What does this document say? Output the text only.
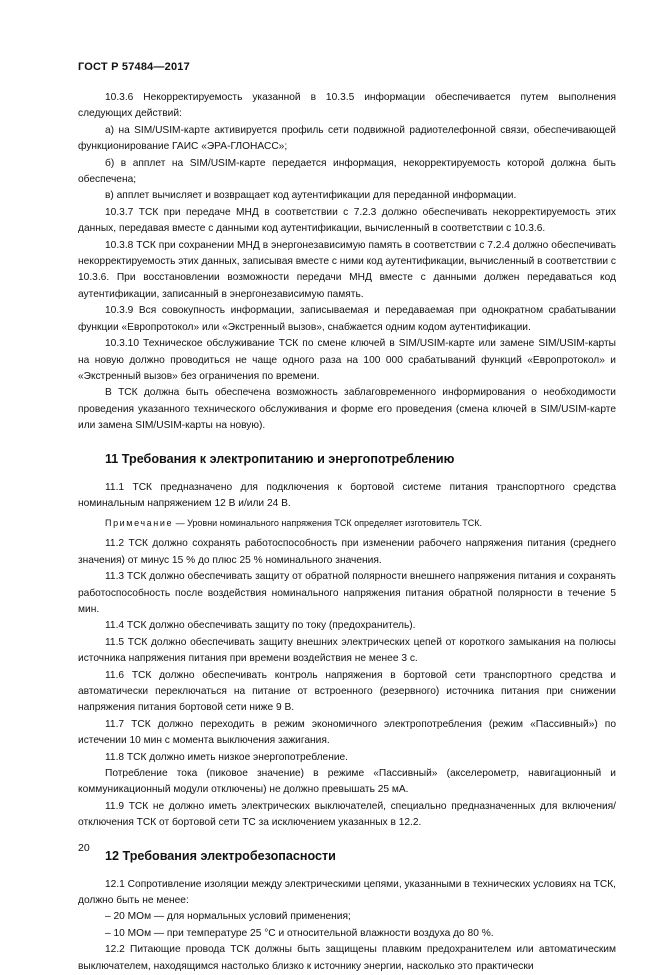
ГОСТ Р 57484—2017

10.3.6 Некорректируемость указанной в 10.3.5 информации обеспечивается путем выполнения следующих действий:

а) на SIM/USIM-карте активируется профиль сети подвижной радиотелефонной связи, обеспечивающей функционирование ГАИС «ЭРА-ГЛОНАСС»;

б) в апплет на SIM/USIM-карте передается информация, некорректируемость которой должна быть обеспечена;

в) апплет вычисляет и возвращает код аутентификации для переданной информации.

10.3.7 ТСК при передаче МНД в соответствии с 7.2.3 должно обеспечивать некорректируемость этих данных, передавая вместе с данными код аутентификации, вычисленный в соответствии с 10.3.6.

10.3.8 ТСК при сохранении МНД в энергонезависимую память в соответствии с 7.2.4 должно обеспечивать некорректируемость этих данных, записывая вместе с ними код аутентификации, вычисленный в соответствии с 10.3.6. При восстановлении возможности передачи МНД вместе с данными должен передаваться код аутентификации, записанный в энергонезависимую память.

10.3.9 Вся совокупность информации, записываемая и передаваемая при однократном срабатывании функции «Европротокол» или «Экстренный вызов», снабжается одним кодом аутентификации.

10.3.10 Техническое обслуживание ТСК по смене ключей в SIM/USIM-карте или замене SIM/USIM-карты на новую должно проводиться не чаще одного раза на 100 000 срабатываний функций «Европротокол» и «Экстренный вызов» без ограничения по времени.

В ТСК должна быть обеспечена возможность заблаговременного информирования о необходимости проведения указанного технического обслуживания и форме его проведения (смена ключей в SIM/USIM-карте или замена SIM/USIM-карты на новую).

11 Требования к электропитанию и энергопотреблению

11.1 ТСК предназначено для подключения к бортовой системе питания транспортного средства номинальным напряжением 12 В и/или 24 В.

Примечание — Уровни номинального напряжения ТСК определяет изготовитель ТСК.

11.2 ТСК должно сохранять работоспособность при изменении рабочего напряжения питания (среднего значения) от минус 15 % до плюс 25 % номинального значения.

11.3 ТСК должно обеспечивать защиту от обратной полярности внешнего напряжения питания и сохранять работоспособность после воздействия номинального напряжения питания обратной полярности в течение 5 мин.

11.4 ТСК должно обеспечивать защиту по току (предохранитель).

11.5 ТСК должно обеспечивать защиту внешних электрических цепей от короткого замыкания на полюсы источника напряжения питания при времени воздействия не менее 3 с.

11.6 ТСК должно обеспечивать контроль напряжения в бортовой сети транспортного средства и автоматически переключаться на питание от встроенного (резервного) источника питания при снижении напряжения питания бортовой сети ниже 9 В.

11.7 ТСК должно переходить в режим экономичного электропотребления (режим «Пассивный») по истечении 10 мин с момента выключения зажигания.

11.8 ТСК должно иметь низкое энергопотребление.

Потребление тока (пиковое значение) в режиме «Пассивный» (акселерометр, навигационный и коммуникационный модули отключены) не должно превышать 25 мА.

11.9 ТСК не должно иметь электрических выключателей, специально предназначенных для включения/отключения ТСК от бортовой сети ТС за исключением указанных в 12.2.

12 Требования электробезопасности

12.1 Сопротивление изоляции между электрическими цепями, указанными в технических условиях на ТСК, должно быть не менее:

– 20 МОм — для нормальных условий применения;
– 10 МОм — при температуре 25 °С и относительной влажности воздуха до 80 %.

12.2 Питающие провода ТСК должны быть защищены плавким предохранителем или автоматическим выключателем, находящимся настолько близко к источнику энергии, насколько это практически

20
